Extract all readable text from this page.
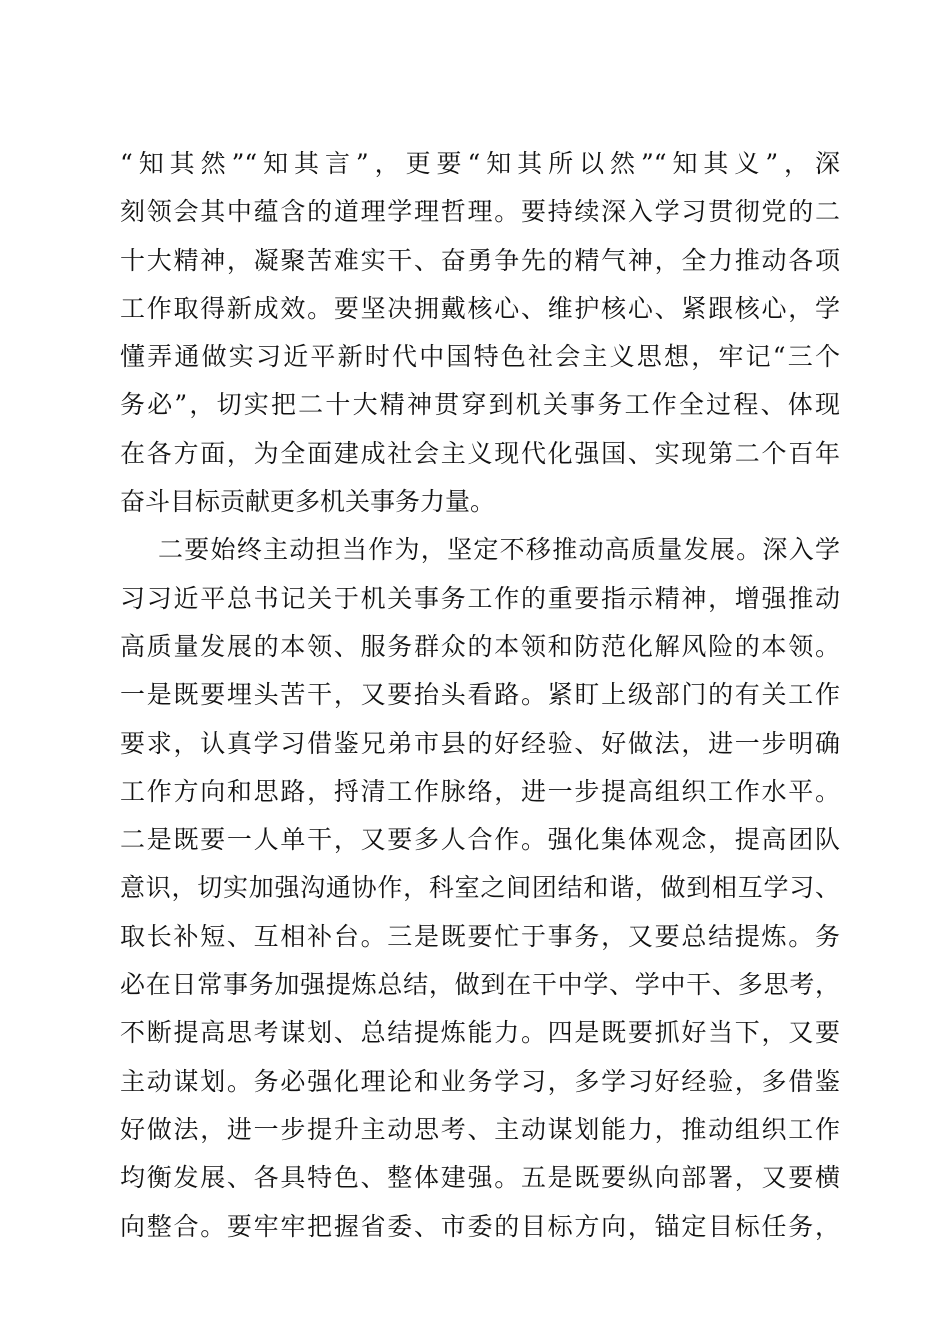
“知其然”“知其言”，更要“知其所以然”“知其义”，深
刻领会其中蕴含的道理学理哲理。要持续深入学习贯彻党的二
十大精神，凝聚苦难实干、奋勇争先的精气神，全力推动各项
工作取得新成效。要坚决拥戴核心、维护核心、紧跟核心，学
懂弄通做实习近平新时代中国特色社会主义思想，牢记“三个
务必”，切实把二十大精神贯穿到机关事务工作全过程、体现
在各方面，为全面建成社会主义现代化强国、实现第二个百年
奋斗目标贡献更多机关事务力量。
二要始终主动担当作为，坚定不移推动高质量发展。深入学
习习近平总书记关于机关事务工作的重要指示精神，增强推动
高质量发展的本领、服务群众的本领和防范化解风险的本领。
一是既要埋头苦干，又要抬头看路。紧盯上级部门的有关工作
要求，认真学习借鉴兄弟市县的好经验、好做法，进一步明确
工作方向和思路，捋清工作脉络，进一步提高组织工作水平。
二是既要一人单干，又要多人合作。强化集体观念，提高团队
意识，切实加强沟通协作，科室之间团结和谐，做到相互学习、
取长补短、互相补台。三是既要忙于事务，又要总结提炼。务
必在日常事务加强提炼总结，做到在干中学、学中干、多思考，
不断提高思考谋划、总结提炼能力。四是既要抓好当下，又要
主动谋划。务必强化理论和业务学习，多学习好经验，多借鉴
好做法，进一步提升主动思考、主动谋划能力，推动组织工作
均衡发展、各具特色、整体建强。五是既要纵向部署，又要横
向整合。要牢牢把握省委、市委的目标方向，锚定目标任务，
